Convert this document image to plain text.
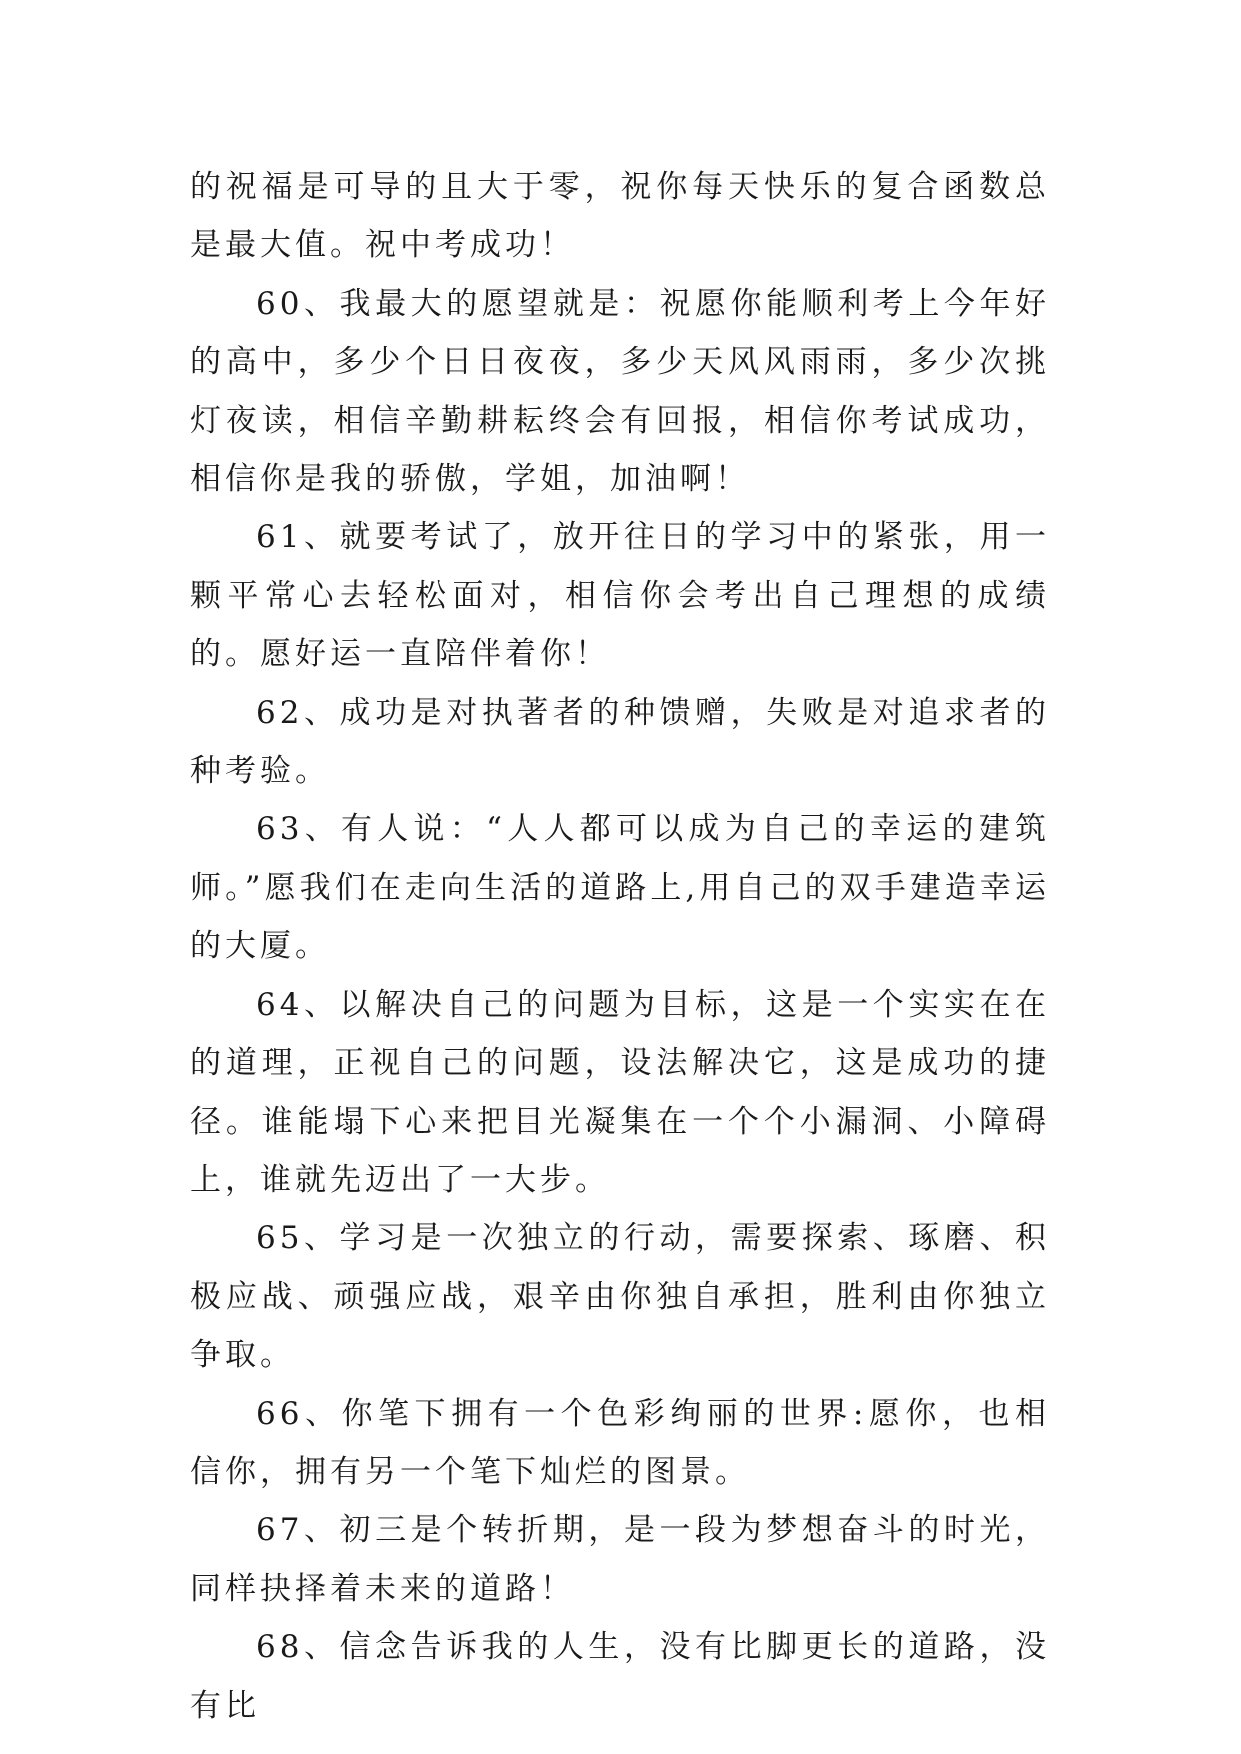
的祝福是可导的且大于零，祝你每天快乐的复合函数总是最大值。祝中考成功！

60、我最大的愿望就是：祝愿你能顺利考上今年好的高中，多少个日日夜夜，多少天风风雨雨，多少次挑灯夜读，相信辛勤耕耘终会有回报，相信你考试成功，相信你是我的骄傲，学姐，加油啊！

61、就要考试了，放开往日的学习中的紧张，用一颗平常心去轻松面对，相信你会考出自己理想的成绩的。愿好运一直陪伴着你！

62、成功是对执著者的种馈赠，失败是对追求者的种考验。

63、有人说：“人人都可以成为自己的幸运的建筑师。”愿我们在走向生活的道路上,用自己的双手建造幸运的大厦。

64、以解决自己的问题为目标，这是一个实实在在的道理，正视自己的问题，设法解决它，这是成功的捷径。谁能塌下心来把目光凝集在一个个小漏洞、小障碍上，谁就先迈出了一大步。

65、学习是一次独立的行动，需要探索、琢磨、积极应战、顽强应战，艰辛由你独自承担，胜利由你独立争取。

66、你笔下拥有一个色彩绚丽的世界:愿你，也相信你，拥有另一个笔下灿烂的图景。

67、初三是个转折期，是一段为梦想奋斗的时光，同样抉择着未来的道路！

68、信念告诉我的人生，没有比脚更长的道路，没有比
